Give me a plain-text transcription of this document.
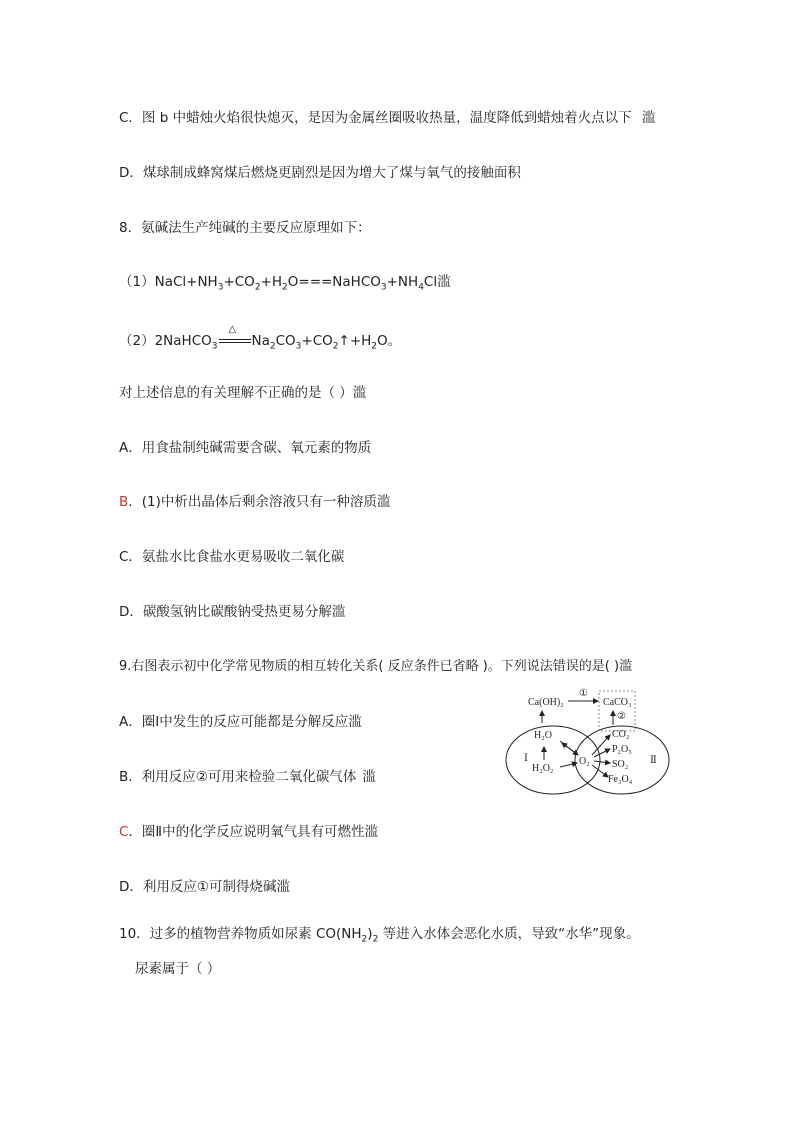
C．图 b 中蜡烛火焰很快熄灭，是因为金属丝圈吸收热量，温度降低到蜡烛着火点以下 滥
D．煤球制成蜂窝煤后燃烧更剧烈是因为增大了煤与氧气的接触面积
8．氨碱法生产纯碱的主要反应原理如下：
$(1)NaCl+NH_3+CO_2+H_2O===NaHCO_3+NH_4Cl$滥
（2）2NaHCO$_3$
△
$Na_2CO_3+CO_2↑+H_2O$。
对上述信息的有关理解不正确的是（ ）滥
A．用食盐制纯碱需要含碳、氧元素的物质
B．(1)中析出晶体后剩余溶液只有一种溶质滥
C．氨盐水比食盐水更易吸收二氧化碳
D．碳酸氢钠比碳酸钠受热更易分解滥
9.右图表示初中化学常见物质的相互转化关系( 反应条件已省略 )。下列说法错误的是( )滥
A．圈Ⅰ中发生的反应可能都是分解反应滥
B．利用反应②可用来检验二氧化碳气体 滥
C．圈Ⅱ中的化学反应说明氧气具有可燃性滥
D．利用反应①可制得烧碱滥
Ca(OH)₂
①
CaCO₃
②
Ⅰ
H₂O
H₂O₂
O₂
CO₂
P₂O₅
SO₂
Fe₃O₄
Ⅱ
10．过多的植物营养物质如尿素 $CO(NH_2)_2$ 等进入水体会恶化水质，导致“水华”现象。
尿素属于（ ）
